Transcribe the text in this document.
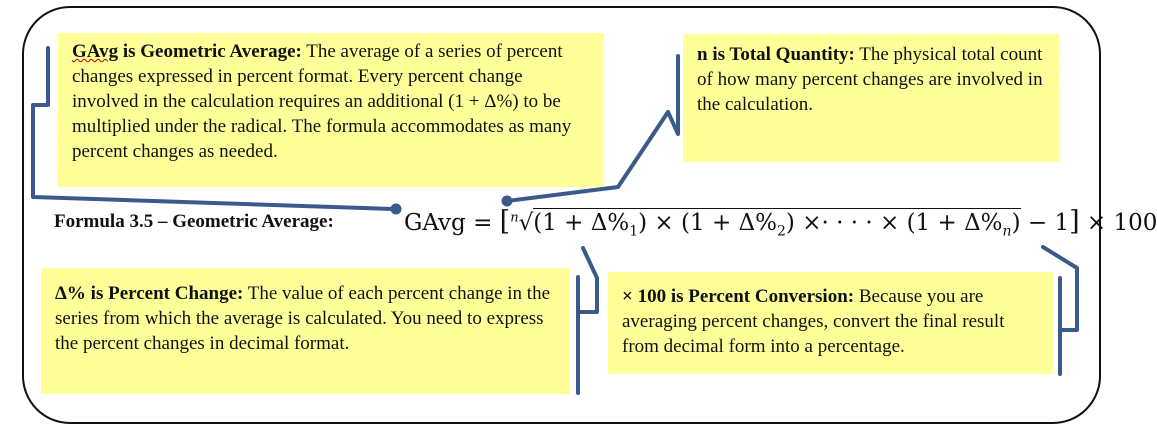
GAvg is Geometric Average: The average of a series of percent changes expressed in percent format. Every percent change involved in the calculation requires an additional (1 + Δ%) to be multiplied under the radical. The formula accommodates as many percent changes as needed.
n is Total Quantity: The physical total count of how many percent changes are involved in the calculation.
Δ% is Percent Change: The value of each percent change in the series from which the average is calculated. You need to express the percent changes in decimal format.
× 100 is Percent Conversion: Because you are averaging percent changes, convert the final result from decimal form into a percentage.
Formula 3.5 – Geometric Average:	GAvg = [$^n√(1 + \Delta\%_1) \times (1 + \Delta\%_2)$ ×· · · · × $(1 + \Delta\%_n) - 1] \times 100$
